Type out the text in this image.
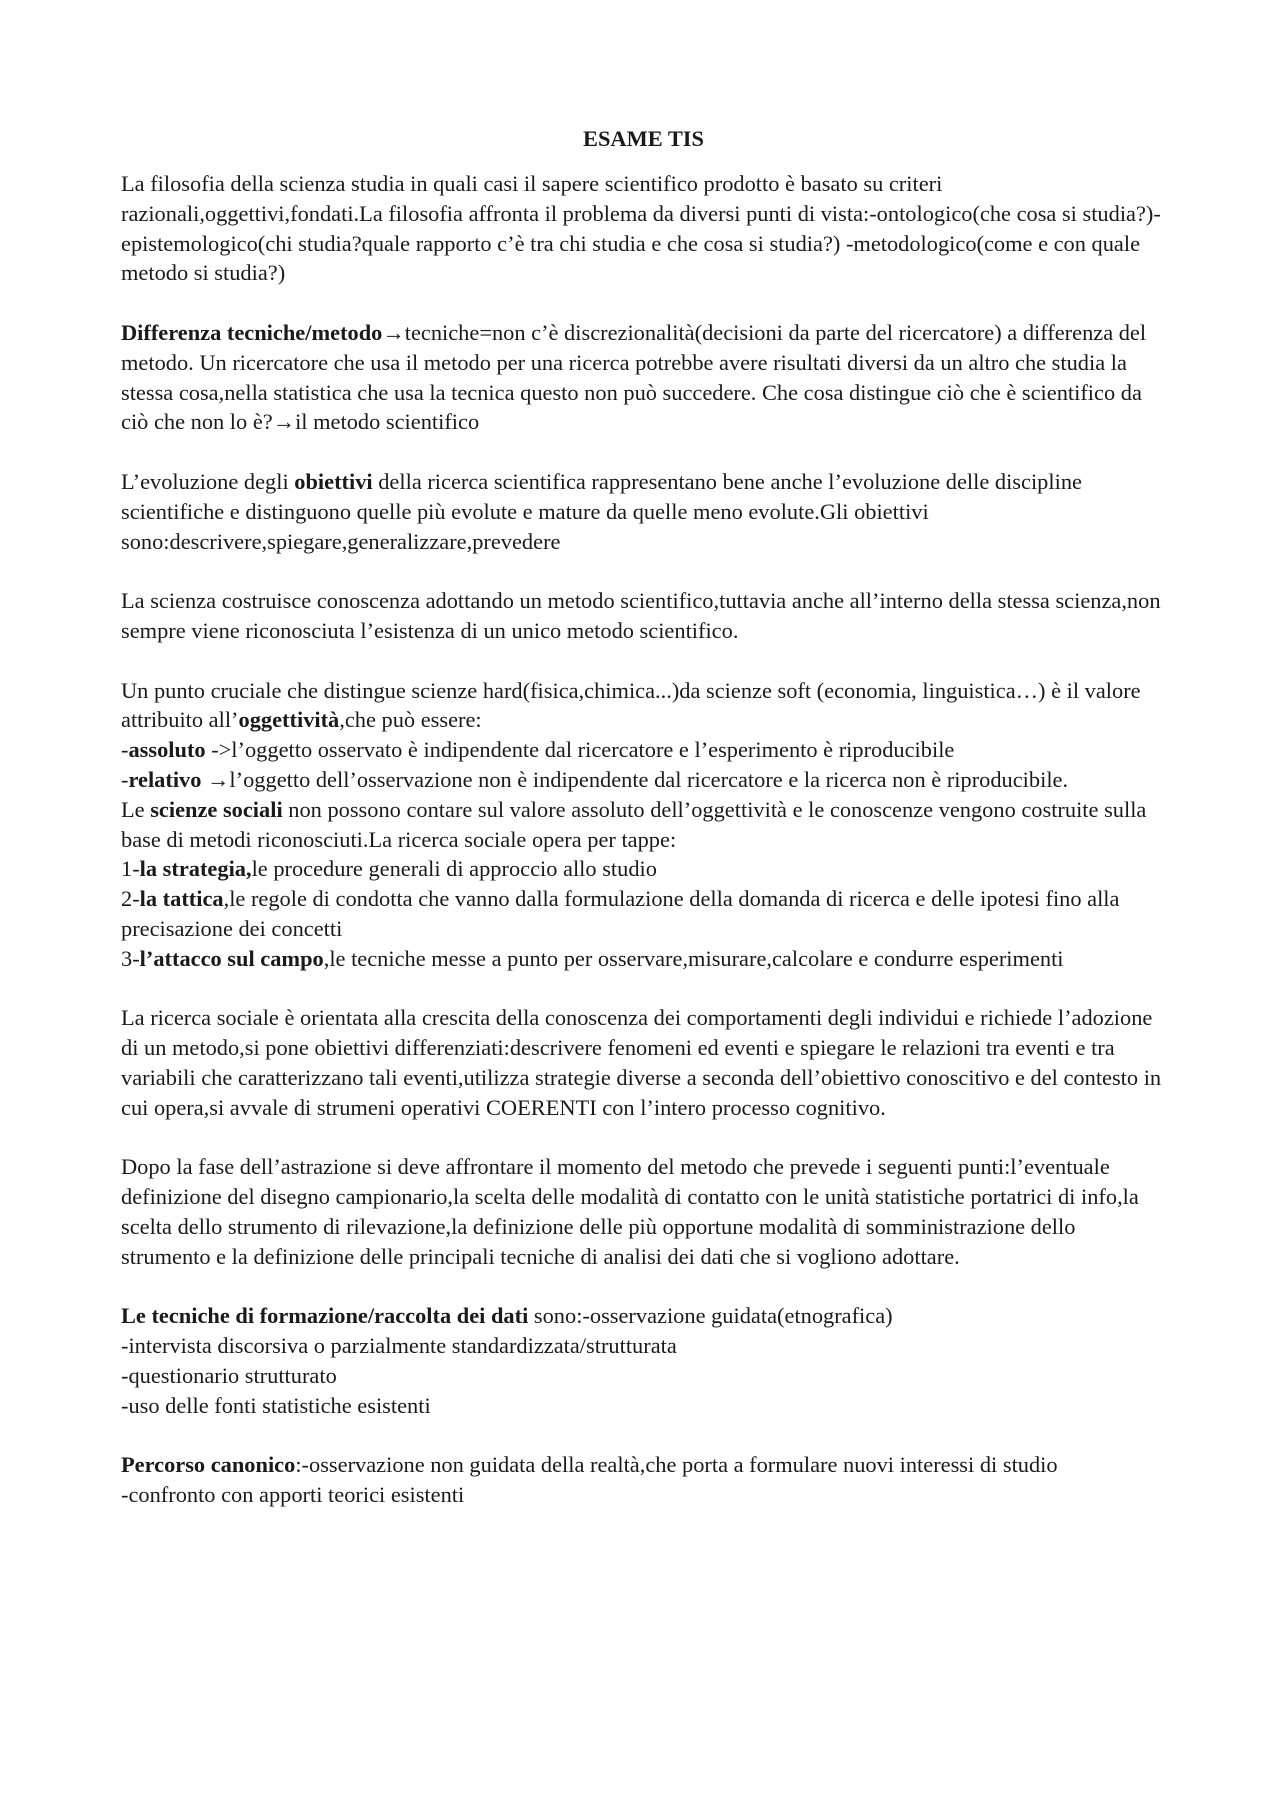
ESAME TIS

La filosofia della scienza studia in quali casi il sapere scientifico prodotto è basato su criteri razionali,oggettivi,fondati.La filosofia affronta il problema da diversi punti di vista:-ontologico(che cosa si studia?)-epistemologico(chi studia?quale rapporto c’è tra chi studia e che cosa si studia?) -metodologico(come e con quale metodo si studia?)

Differenza tecniche/metodo→tecniche=non c’è discrezionalità(decisioni da parte del ricercatore) a differenza del metodo. Un ricercatore che usa il metodo per una ricerca potrebbe avere risultati diversi da un altro che studia la stessa cosa,nella statistica che usa la tecnica questo non può succedere. Che cosa distingue ciò che è scientifico da ciò che non lo è?→il metodo scientifico

L’evoluzione degli obiettivi della ricerca scientifica rappresentano bene anche l’evoluzione delle discipline scientifiche e distinguono quelle più evolute e mature da quelle meno evolute.Gli obiettivi sono:descrivere,spiegare,generalizzare,prevedere

La scienza costruisce conoscenza adottando un metodo scientifico,tuttavia anche all’interno della stessa scienza,non sempre viene riconosciuta l’esistenza di un unico metodo scientifico.

Un punto cruciale che distingue scienze hard(fisica,chimica...)da scienze soft (economia, linguistica…) è il valore attribuito all’oggettività,che può essere:

-assoluto ->l’oggetto osservato è indipendente dal ricercatore e l’esperimento è riproducibile

-relativo →l’oggetto dell’osservazione non è indipendente dal ricercatore e la ricerca non è riproducibile.

Le scienze sociali non possono contare sul valore assoluto dell’oggettività e le conoscenze vengono costruite sulla base di metodi riconosciuti.La ricerca sociale opera per tappe:

1-la strategia,le procedure generali di approccio allo studio

2-la tattica,le regole di condotta che vanno dalla formulazione della domanda di ricerca e delle ipotesi fino alla precisazione dei concetti

3-l’attacco sul campo,le tecniche messe a punto per osservare,misurare,calcolare e condurre esperimenti

La ricerca sociale è orientata alla crescita della conoscenza dei comportamenti degli individui e richiede l’adozione di un metodo,si pone obiettivi differenziati:descrivere fenomeni ed eventi e spiegare le relazioni tra eventi e tra variabili che caratterizzano tali eventi,utilizza strategie diverse a seconda dell’obiettivo conoscitivo e del contesto in cui opera,si avvale di strumeni operativi COERENTI con l’intero processo cognitivo.

Dopo la fase dell’astrazione si deve affrontare il momento del metodo che prevede i seguenti punti:l’eventuale definizione del disegno campionario,la scelta delle modalità di contatto con le unità statistiche portatrici di info,la scelta dello strumento di rilevazione,la definizione delle più opportune modalità di somministrazione dello strumento e la definizione delle principali tecniche di analisi dei dati che si vogliono adottare.

Le tecniche di formazione/raccolta dei dati sono:-osservazione guidata(etnografica)

-intervista discorsiva o parzialmente standardizzata/strutturata

-questionario strutturato

-uso delle fonti statistiche esistenti

Percorso canonico:-osservazione non guidata della realtà,che porta a formulare nuovi interessi di studio

-confronto con apporti teorici esistenti
